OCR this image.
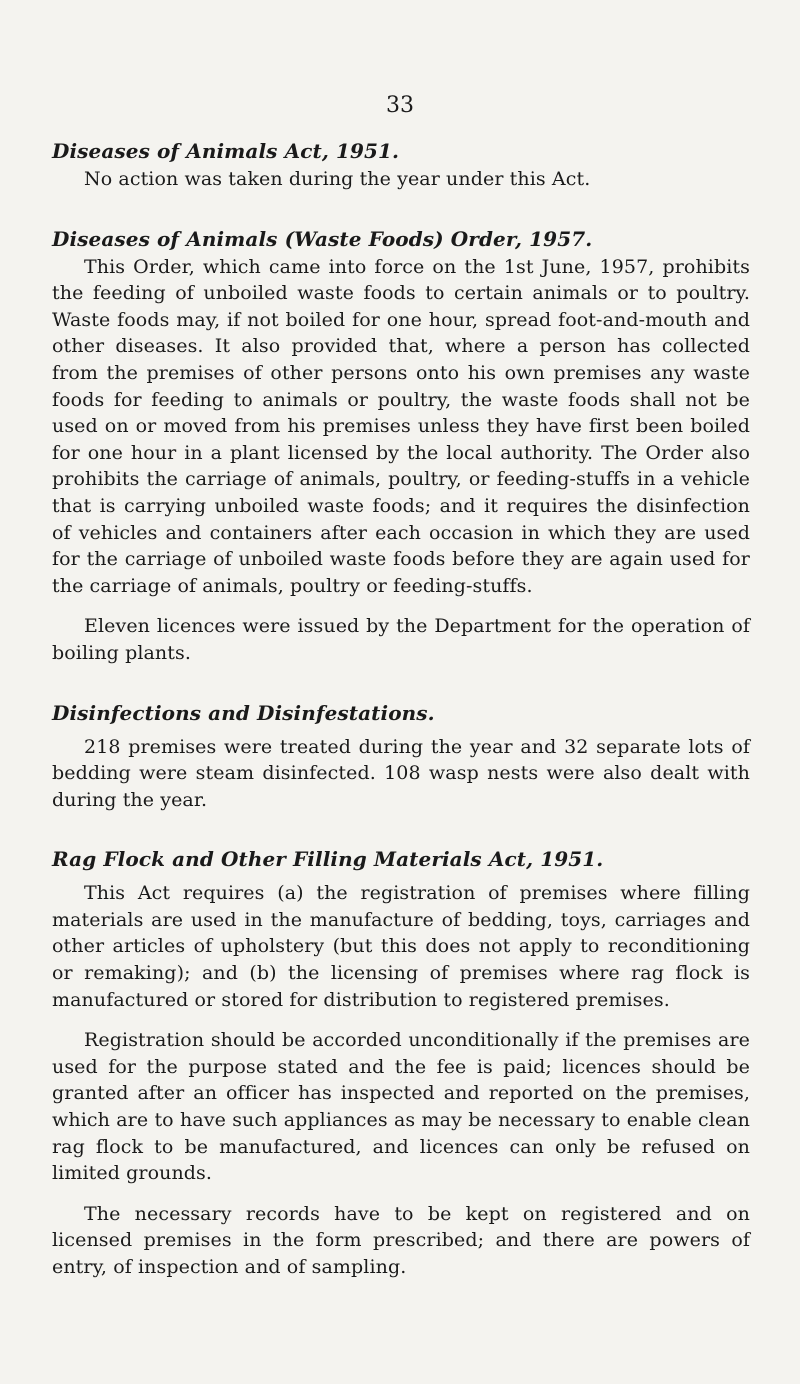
33

Diseases of Animals Act, 1951.

No action was taken during the year under this Act.

Diseases of Animals (Waste Foods) Order, 1957.

This Order, which came into force on the 1st June, 1957, prohibits the feeding of unboiled waste foods to certain animals or to poultry. Waste foods may, if not boiled for one hour, spread foot-and-mouth and other diseases. It also provided that, where a person has collected from the premises of other persons onto his own premises any waste foods for feeding to animals or poultry, the waste foods shall not be used on or moved from his premises unless they have first been boiled for one hour in a plant licensed by the local authority. The Order also prohibits the carriage of animals, poultry, or feeding-stuffs in a vehicle that is carrying unboiled waste foods; and it requires the disinfection of vehicles and containers after each occasion in which they are used for the carriage of unboiled waste foods before they are again used for the carriage of animals, poultry or feeding-stuffs.

Eleven licences were issued by the Department for the operation of boiling plants.

Disinfections and Disinfestations.

218 premises were treated during the year and 32 separate lots of bedding were steam disinfected. 108 wasp nests were also dealt with during the year.

Rag Flock and Other Filling Materials Act, 1951.

This Act requires (a) the registration of premises where filling materials are used in the manufacture of bedding, toys, carriages and other articles of upholstery (but this does not apply to reconditioning or remaking); and (b) the licensing of premises where rag flock is manufactured or stored for distribution to registered premises.

Registration should be accorded unconditionally if the premises are used for the purpose stated and the fee is paid; licences should be granted after an officer has inspected and reported on the premises, which are to have such appliances as may be necessary to enable clean rag flock to be manufactured, and licences can only be refused on limited grounds.

The necessary records have to be kept on registered and on licensed premises in the form prescribed; and there are powers of entry, of inspection and of sampling.
